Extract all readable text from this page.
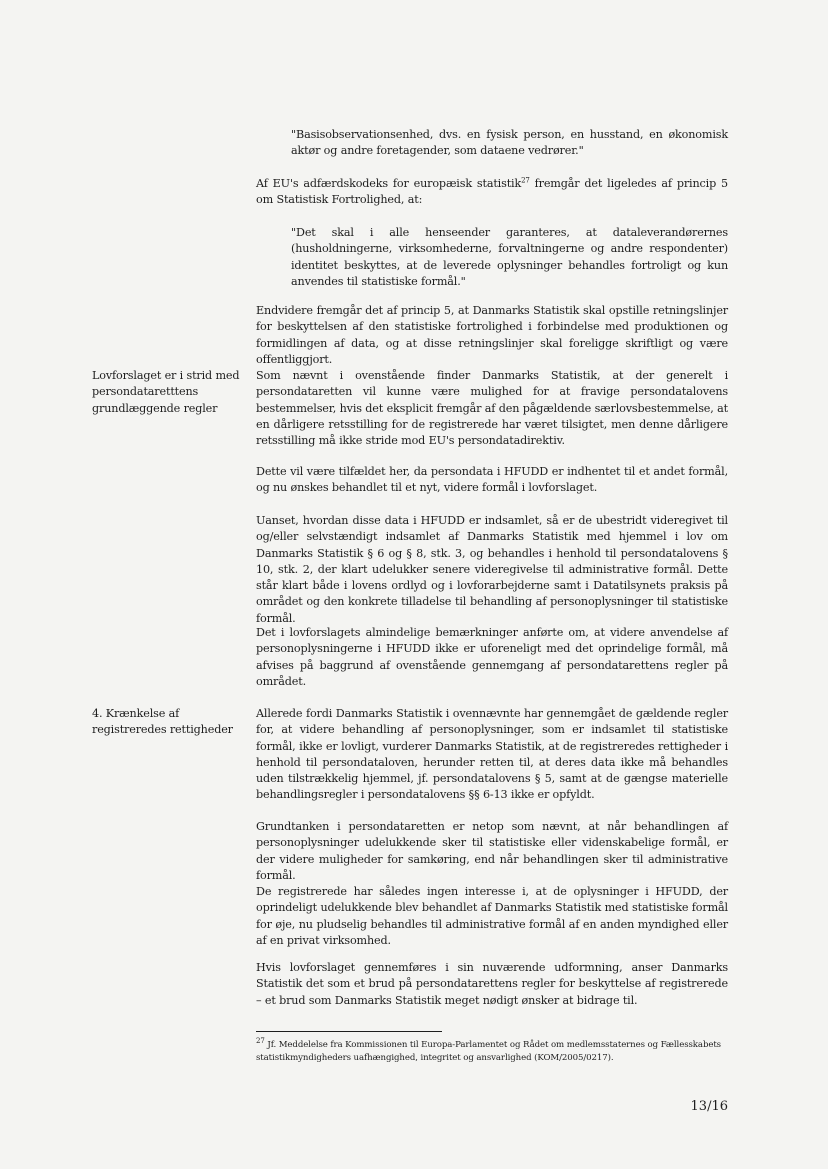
"Basisobservationsenhed, dvs. en fysisk person, en husstand, en økonomisk aktør og andre foretagender, som dataene vedrører."

Af EU's adfærdskodeks for europæisk statistik$^{27}$ fremgår det ligeledes af princip 5 om Statistisk Fortrolighed, at:

"Det skal i alle henseender garanteres, at dataleverandørernes (husholdningerne, virksomhederne, forvaltningerne og andre respondenter) identitet beskyttes, at de leverede oplysninger behandles fortroligt og kun anvendes til statistiske formål."

Endvidere fremgår det af princip 5, at Danmarks Statistik skal opstille retningslinjer for beskyttelsen af den statistiske fortrolighed i forbindelse med produktionen og formidlingen af data, og at disse retningslinjer skal foreligge skriftligt og være offentliggjort.

Lovforslaget er i strid med persondataretttens grundlæggende regler

Som nævnt i ovenstående finder Danmarks Statistik, at der generelt i persondataretten vil kunne være mulighed for at fravige persondatalovens bestemmelser, hvis det eksplicit fremgår af den pågældende særlovsbestemmelse, at en dårligere retsstilling for de registrerede har været tilsigtet, men denne dårligere retsstilling må ikke stride mod EU's persondatadirektiv.

Dette vil være tilfældet her, da persondata i HFUDD er indhentet til et andet formål, og nu ønskes behandlet til et nyt, videre formål i lovforslaget.

Uanset, hvordan disse data i HFUDD er indsamlet, så er de ubestridt videregivet til og/eller selvstændigt indsamlet af Danmarks Statistik med hjemmel i lov om Danmarks Statistik § 6 og § 8, stk. 3, og behandles i henhold til persondatalovens § 10, stk. 2, der klart udelukker senere videregivelse til administrative formål. Dette står klart både i lovens ordlyd og i lovforarbejderne samt i Datatilsynets praksis på området og den konkrete tilladelse til behandling af personoplysninger til statistiske formål.

Det i lovforslagets almindelige bemærkninger anførte om, at videre anvendelse af personoplysningerne i HFUDD ikke er uforeneligt med det oprindelige formål, må afvises på baggrund af ovenstående gennemgang af persondatarettens regler på området.

4. Krænkelse af registreredes rettigheder

Allerede fordi Danmarks Statistik i ovennævnte har gennemgået de gældende regler for, at videre behandling af personoplysninger, som er indsamlet til statistiske formål, ikke er lovligt, vurderer Danmarks Statistik, at de registreredes rettigheder i henhold til persondataloven, herunder retten til, at deres data ikke må behandles uden tilstrækkelig hjemmel, jf. persondatalovens § 5, samt at de gængse materielle behandlingsregler i persondatalovens §§ 6-13 ikke er opfyldt.

Grundtanken i persondataretten er netop som nævnt, at når behandlingen af personoplysninger udelukkende sker til statistiske eller videnskabelige formål, er der videre muligheder for samkøring, end når behandlingen sker til administrative formål.

De registrerede har således ingen interesse i, at de oplysninger i HFUDD, der oprindeligt udelukkende blev behandlet af Danmarks Statistik med statistiske formål for øje, nu pludselig behandles til administrative formål af en anden myndighed eller af en privat virksomhed.

Hvis lovforslaget gennemføres i sin nuværende udformning, anser Danmarks Statistik det som et brud på persondatarettens regler for beskyttelse af registrerede – et brud som Danmarks Statistik meget nødigt ønsker at bidrage til.

$^{27}$ Jf. Meddelelse fra Kommissionen til Europa-Parlamentet og Rådet om medlemsstaternes og Fællesskabets statistikmyndigheders uafhængighed, integritet og ansvarlighed (KOM/2005/0217).

13/16
